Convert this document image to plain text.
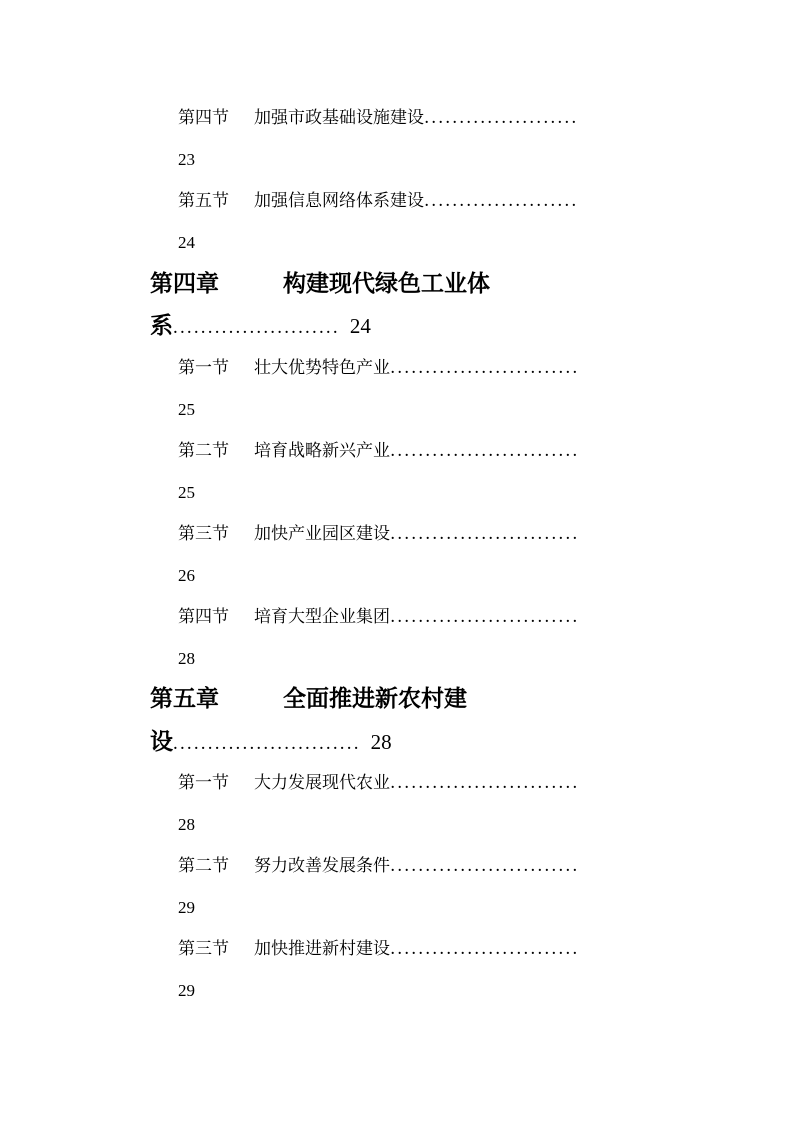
第四节 加强市政基础设施建设......................
23
第五节 加强信息网络体系建设......................
24
第四章	构建现代绿色工业体
系........................ 24
第一节 壮大优势特色产业...........................
25
第二节 培育战略新兴产业...........................
25
第三节 加快产业园区建设...........................
26
第四节 培育大型企业集团...........................
28
第五章	全面推进新农村建
设........................... 28
第一节 大力发展现代农业...........................
28
第二节 努力改善发展条件...........................
29
第三节 加快推进新村建设...........................
29
